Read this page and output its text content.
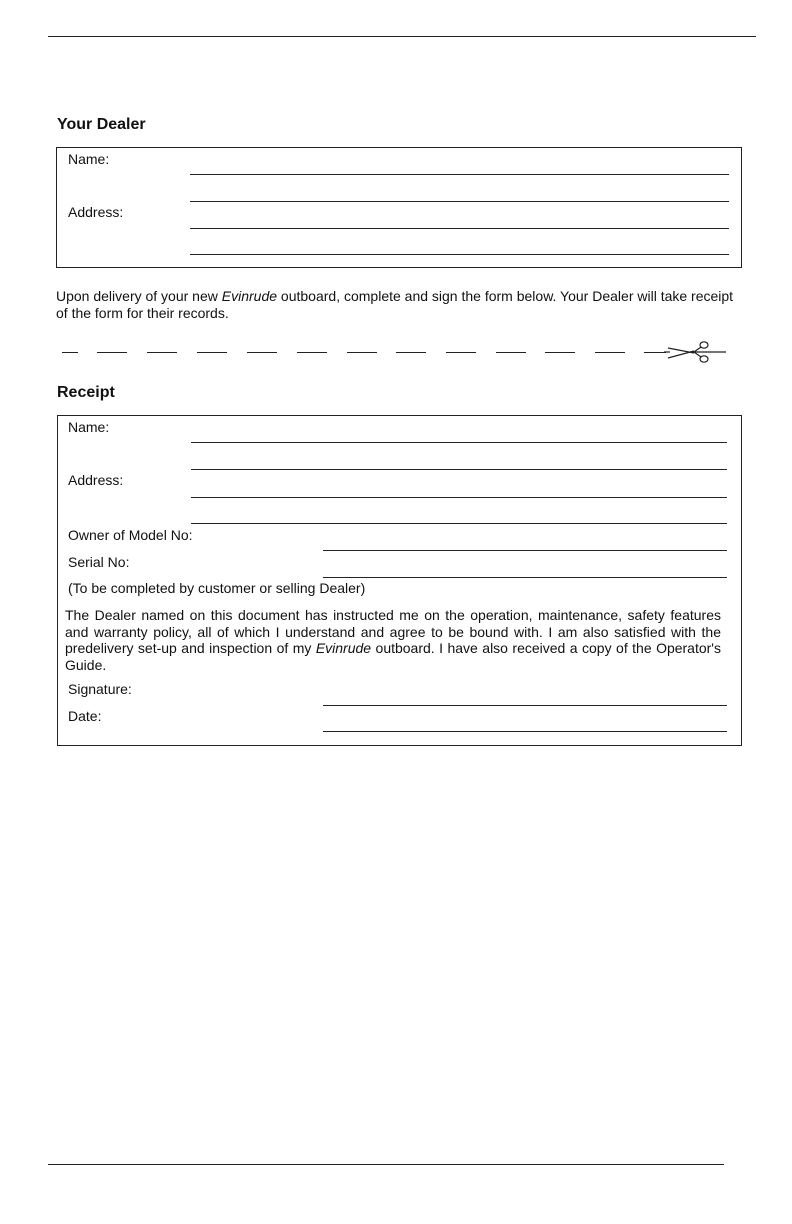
Your Dealer
Name:
Address:
Upon delivery of your new Evinrude outboard, complete and sign the form below. Your Dealer will take receipt of the form for their records.
Receipt
Name:
Address:
Owner of Model No:
Serial No:
(To be completed by customer or selling Dealer)
The Dealer named on this document has instructed me on the operation, maintenance, safety features and warranty policy, all of which I understand and agree to be bound with. I am also satisfied with the predelivery set-up and inspection of my Evinrude outboard. I have also received a copy of the Operator's Guide.
Signature:
Date:
